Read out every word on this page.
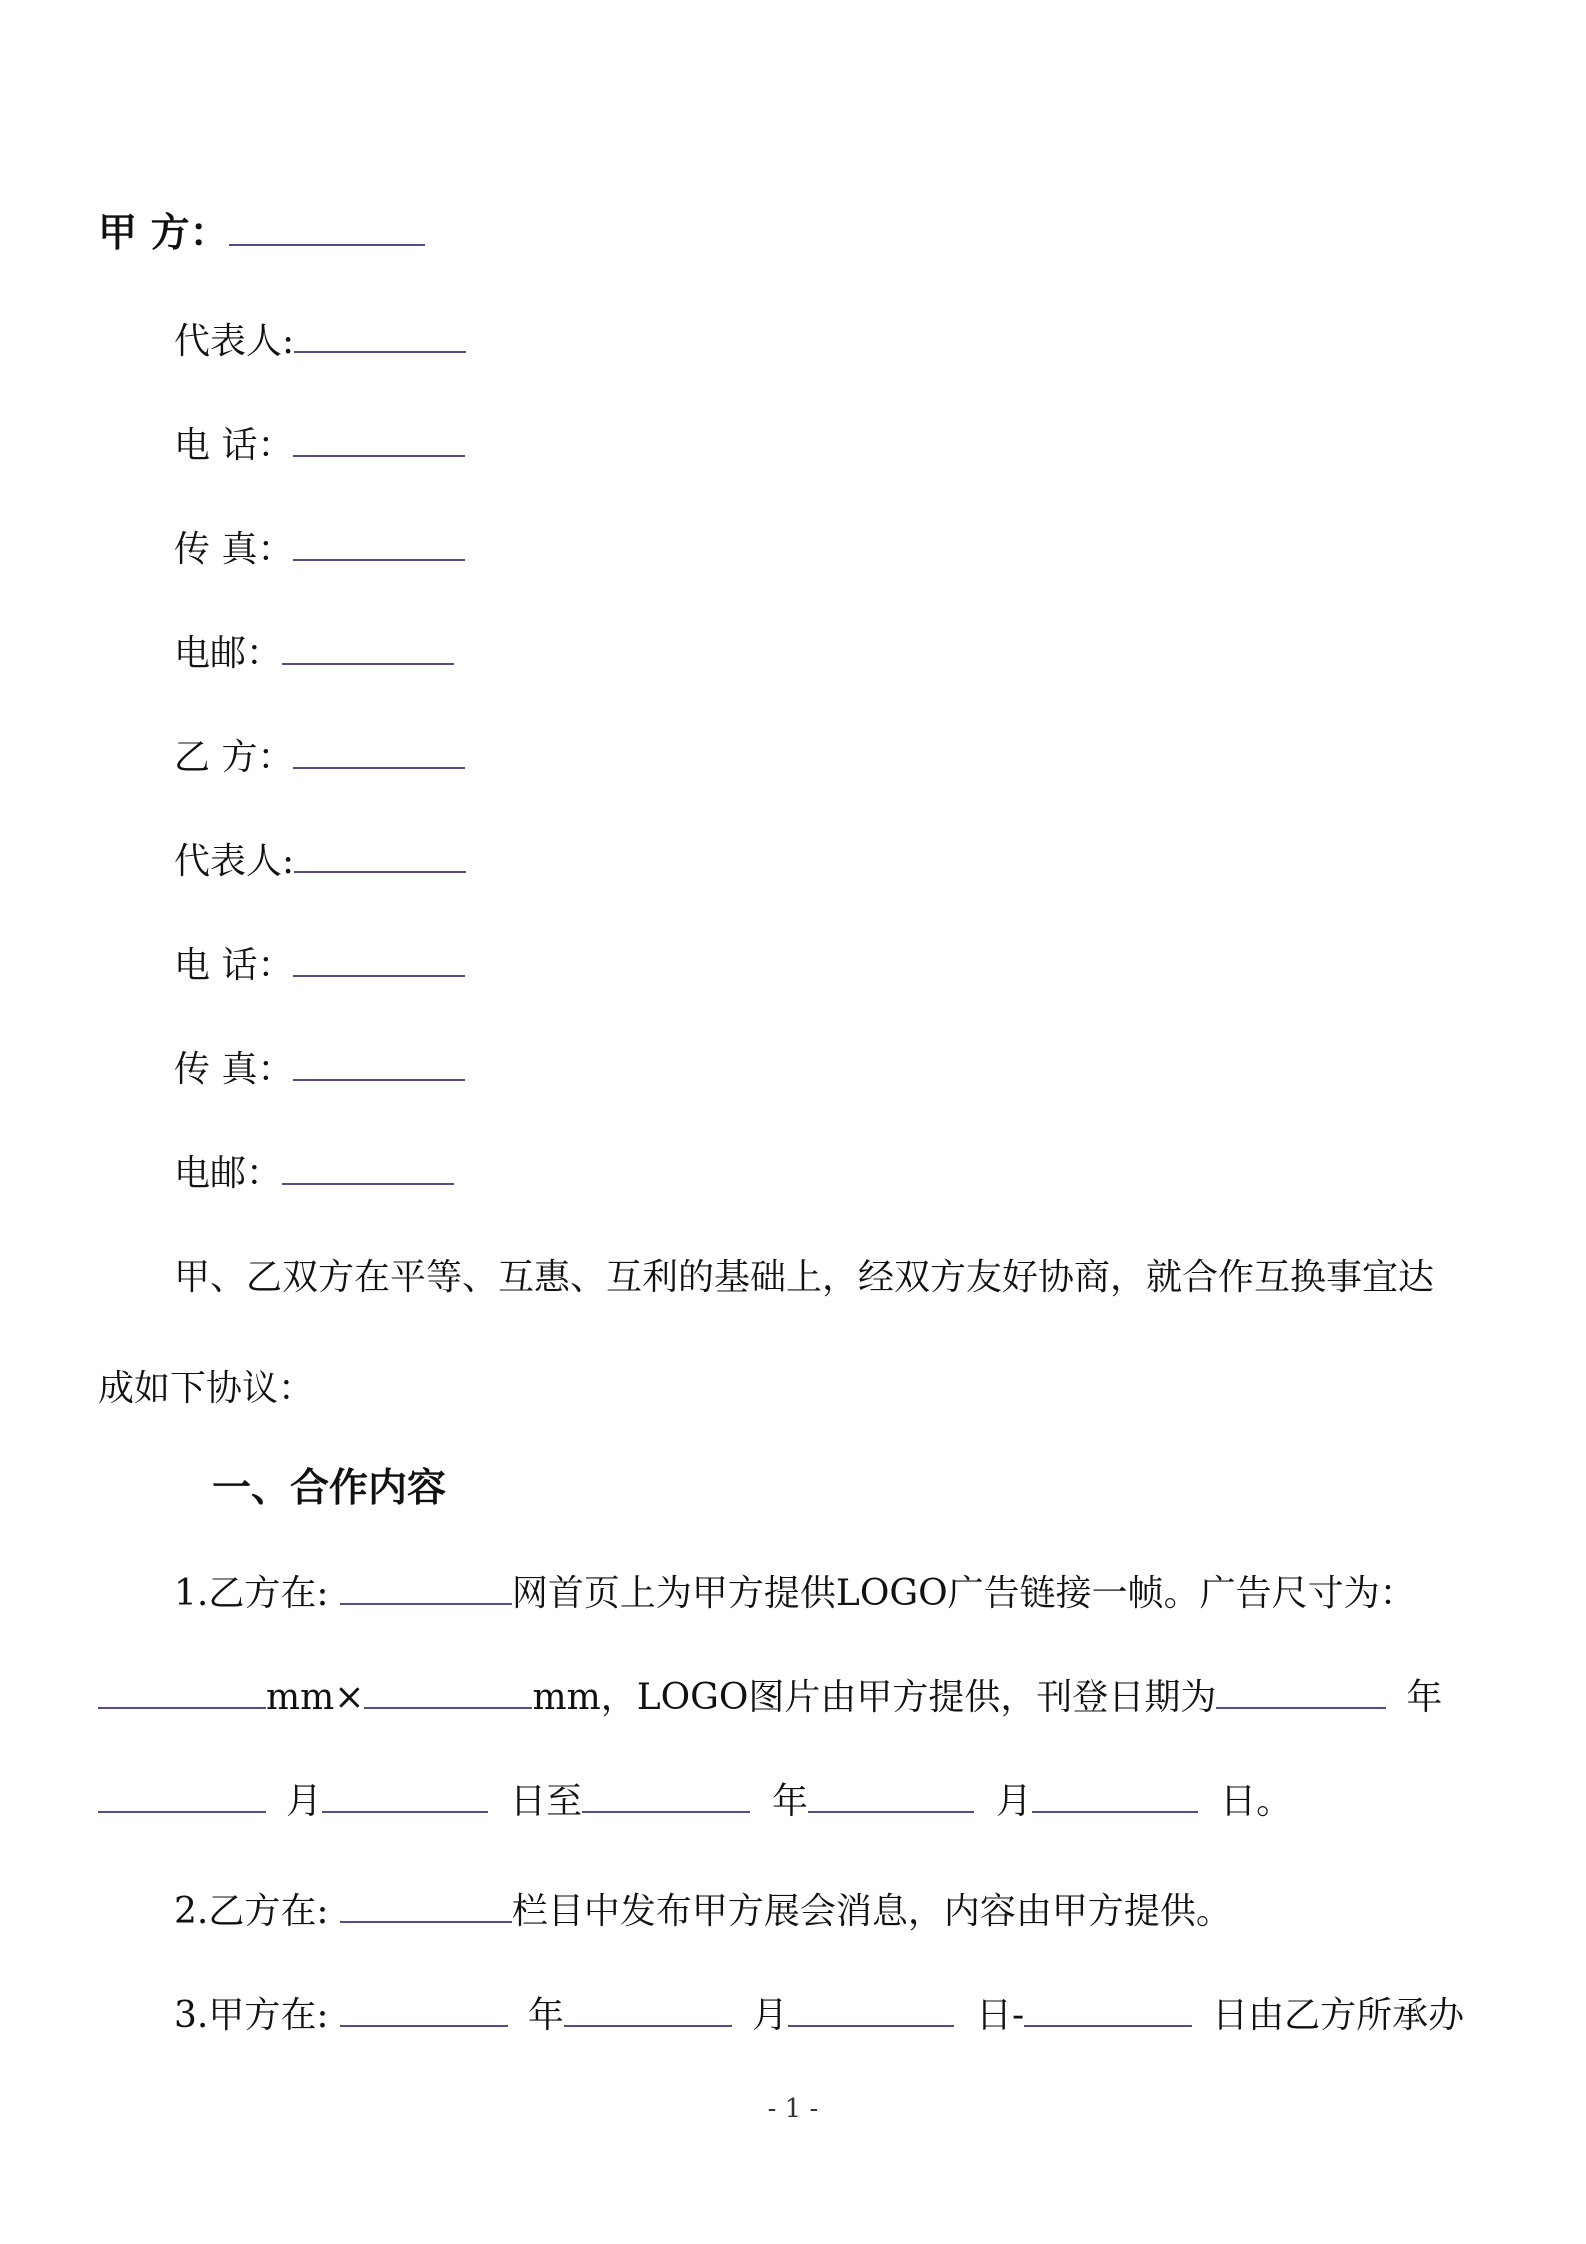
甲 方：
代表人:
电 话：
传 真：
电邮：
乙 方：
代表人:
电 话：
传 真：
电邮：
甲、乙双方在平等、互惠、互利的基础上，经双方友好协商，就合作互换事宜达
成如下协议：
一、合作内容
1.乙方在:	网首页上为甲方提供LOGO广告链接一帧。广告尺寸为：
mm×	mm，LOGO图片由甲方提供，刊登日期为	年
月	日至	年	月	日。
2.乙方在:	栏目中发布甲方展会消息，内容由甲方提供。
3.甲方在:	年	月	日-	日由乙方所承办
- 1 -
